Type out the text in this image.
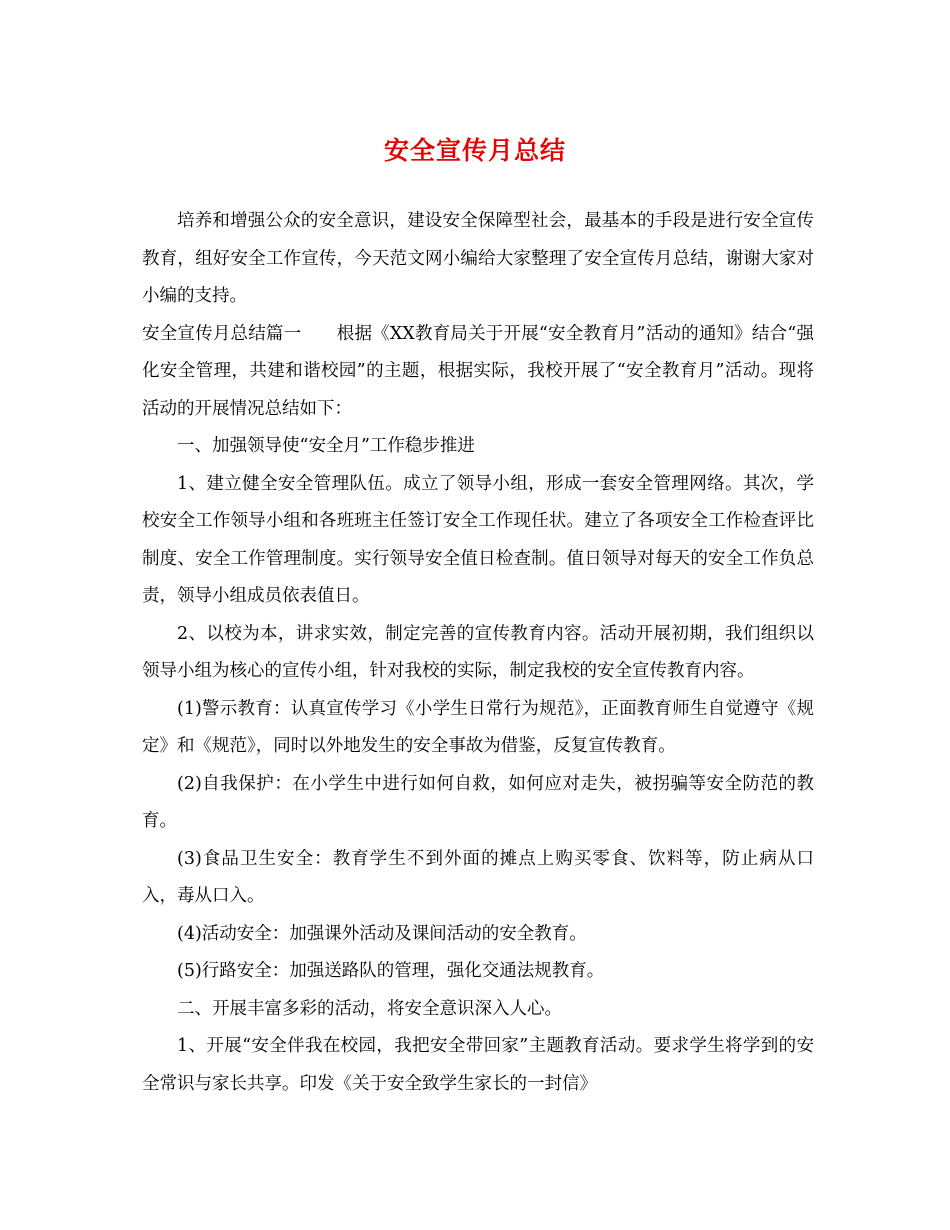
安全宣传月总结

培养和增强公众的安全意识，建设安全保障型社会，最基本的手段是进行安全宣传教育，组好安全工作宣传，今天范文网小编给大家整理了安全宣传月总结，谢谢大家对小编的支持。

安全宣传月总结篇一　　根据《XX教育局关于开展“安全教育月”活动的通知》结合“强化安全管理，共建和谐校园”的主题，根据实际，我校开展了“安全教育月”活动。现将活动的开展情况总结如下：

一、加强领导使“安全月”工作稳步推进

1、建立健全安全管理队伍。成立了领导小组，形成一套安全管理网络。其次，学校安全工作领导小组和各班班主任签订安全工作现任状。建立了各项安全工作检查评比制度、安全工作管理制度。实行领导安全值日检查制。值日领导对每天的安全工作负总责，领导小组成员依表值日。

2、以校为本，讲求实效，制定完善的宣传教育内容。活动开展初期，我们组织以领导小组为核心的宣传小组，针对我校的实际，制定我校的安全宣传教育内容。

(1)警示教育：认真宣传学习《小学生日常行为规范》，正面教育师生自觉遵守《规定》和《规范》，同时以外地发生的安全事故为借鉴，反复宣传教育。

(2)自我保护：在小学生中进行如何自救，如何应对走失，被拐骗等安全防范的教育。

(3)食品卫生安全：教育学生不到外面的摊点上购买零食、饮料等，防止病从口入，毒从口入。

(4)活动安全：加强课外活动及课间活动的安全教育。

(5)行路安全：加强送路队的管理，强化交通法规教育。

二、开展丰富多彩的活动，将安全意识深入人心。

1、开展“安全伴我在校园，我把安全带回家”主题教育活动。要求学生将学到的安全常识与家长共享。印发《关于安全致学生家长的一封信》
